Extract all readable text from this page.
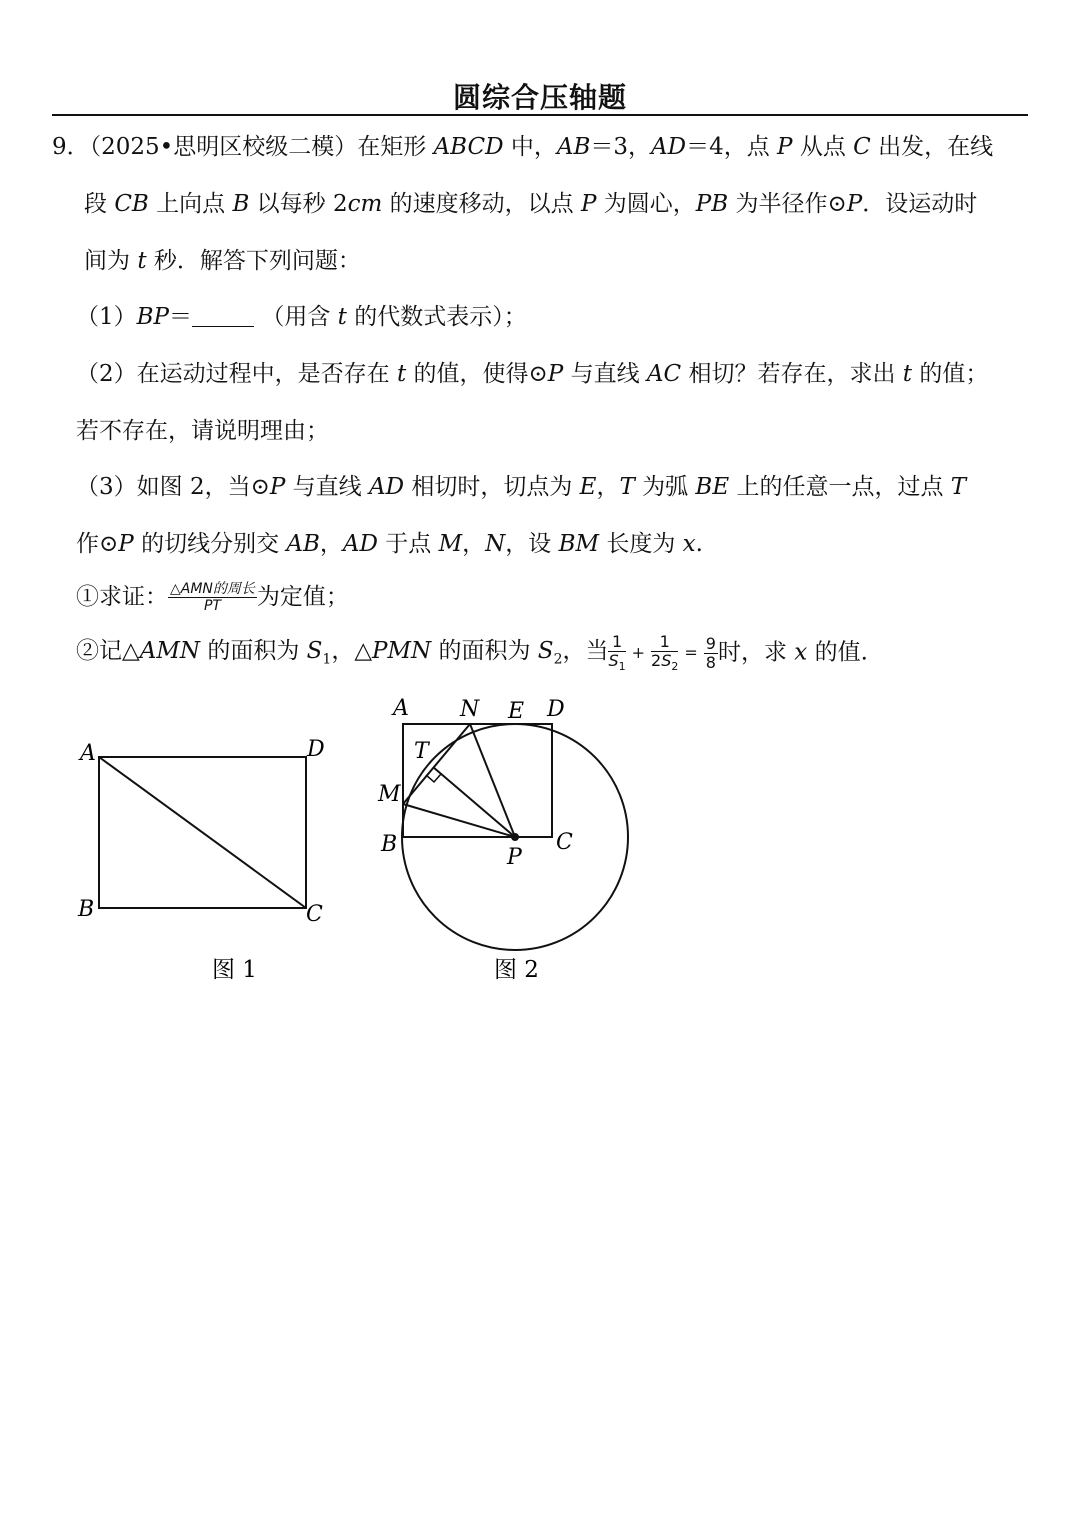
圆综合压轴题
9．（2025•思明区校级二模）在矩形 ABCD 中，AB＝3，AD＝4，点 P 从点 C 出发，在线
段 CB 上向点 B 以每秒 2cm 的速度移动，以点 P 为圆心，PB 为半径作⊙P．设运动时
间为 t 秒．解答下列问题：
（1）BP＝	（用含 t 的代数式表示）；
（2）在运动过程中，是否存在 t 的值，使得⊙P 与直线 AC 相切？若存在，求出 t 的值；
若不存在，请说明理由；
（3）如图 2，当⊙P 与直线 AD 相切时，切点为 E，T 为弧 BE 上的任意一点，过点 T
作⊙P 的切线分别交 AB，AD 于点 M，N，设 BM 长度为 x.
①求证： $\frac{\text{△AMN的周长}}{PT}$ 为定值；
②记△AMN 的面积为 $S_1$，△PMN 的面积为 $S_2$，当 $\frac{1}{S_1} + \frac{1}{2S_2} = \frac{9}{8}$ 时，求 x 的值.
A	D
B	C
图 1
A N E D
T
M
B
P
C
图 2
